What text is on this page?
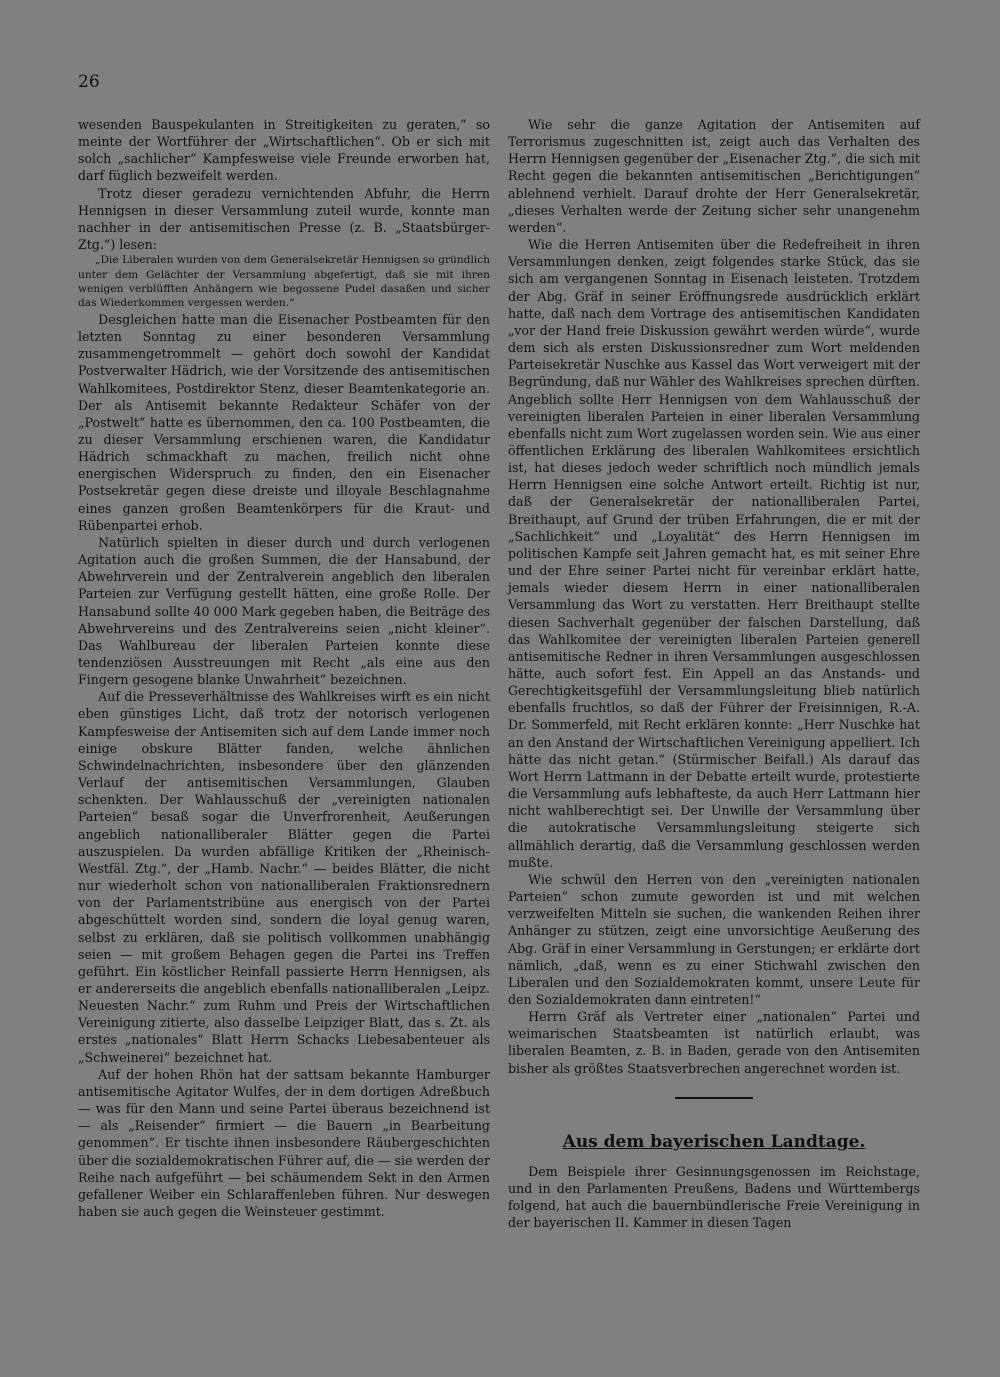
26

wesenden Bauspekulanten in Streitigkeiten zu geraten,“ so meinte der Wortführer der „Wirtschaftlichen“. Ob er sich mit solch „sachlicher“ Kampfesweise viele Freunde erworben hat, darf füglich bezweifelt werden.

Trotz dieser geradezu vernichtenden Abfuhr, die Herrn Hennigsen in dieser Versammlung zuteil wurde, konnte man nachher in der antisemitischen Presse (z. B. „Staatsbürger-Ztg.“) lesen:

„Die Liberalen wurden von dem Generalsekretär Hennigsen so gründlich unter dem Gelächter der Versammlung abgefertigt, daß sie mit ihren wenigen verblüfften Anhängern wie begossene Pudel dasaßen und sicher das Wiederkommen vergessen werden.“

Desgleichen hatte man die Eisenacher Postbeamten für den letzten Sonntag zu einer besonderen Versammlung zusammengetrommelt — gehört doch sowohl der Kandidat Postverwalter Hädrich, wie der Vorsitzende des antisemitischen Wahlkomitees, Postdirektor Stenz, dieser Beamtenkategorie an. Der als Antisemit bekannte Redakteur Schäfer von der „Postwelt“ hatte es übernommen, den ca. 100 Postbeamten, die zu dieser Versammlung erschienen waren, die Kandidatur Hädrich schmackhaft zu machen, freilich nicht ohne energischen Widerspruch zu finden, den ein Eisenacher Postsekretär gegen diese dreiste und illoyale Beschlagnahme eines ganzen großen Beamtenkörpers für die Kraut- und Rübenpartei erhob.

Natürlich spielten in dieser durch und durch verlogenen Agitation auch die großen Summen, die der Hansabund, der Abwehrverein und der Zentralverein angeblich den liberalen Parteien zur Verfügung gestellt hätten, eine große Rolle. Der Hansabund sollte 40 000 Mark gegeben haben, die Beiträge des Abwehrvereins und des Zentralvereins seien „nicht kleiner“. Das Wahlbureau der liberalen Parteien konnte diese tendenziösen Ausstreuungen mit Recht „als eine aus den Fingern gesogene blanke Unwahrheit“ bezeichnen.

Auf die Presseverhältnisse des Wahlkreises wirft es ein nicht eben günstiges Licht, daß trotz der notorisch verlogenen Kampfesweise der Antisemiten sich auf dem Lande immer noch einige obskure Blätter fanden, welche ähnlichen Schwindelnachrichten, insbesondere über den glänzenden Verlauf der antisemitischen Versammlungen, Glauben schenkten. Der Wahlausschuß der „vereinigten nationalen Parteien“ besaß sogar die Unverfrorenheit, Aeußerungen angeblich nationalliberaler Blätter gegen die Partei auszuspielen. Da wurden abfällige Kritiken der „Rheinisch-Westfäl. Ztg.“, der „Hamb. Nachr.“ — beides Blätter, die nicht nur wiederholt schon von nationalliberalen Fraktionsrednern von der Parlamentstribüne aus energisch von der Partei abgeschüttelt worden sind, sondern die loyal genug waren, selbst zu erklären, daß sie politisch vollkommen unabhängig seien — mit großem Behagen gegen die Partei ins Treffen geführt. Ein köstlicher Reinfall passierte Herrn Hennigsen, als er andererseits die angeblich ebenfalls nationalliberalen „Leipz. Neuesten Nachr.“ zum Ruhm und Preis der Wirtschaftlichen Vereinigung zitierte, also dasselbe Leipziger Blatt, das s. Zt. als erstes „nationales“ Blatt Herrn Schacks Liebesabenteuer als „Schweinerei“ bezeichnet hat.

Auf der hohen Rhön hat der sattsam bekannte Hamburger antisemitische Agitator Wulfes, der in dem dortigen Adreßbuch — was für den Mann und seine Partei überaus bezeichnend ist — als „Reisender“ firmiert — die Bauern „in Bearbeitung genommen“. Er tischte ihnen insbesondere Räubergeschichten über die sozialdemokratischen Führer auf, die — sie werden der Reihe nach aufgeführt — bei schäumendem Sekt in den Armen gefallener Weiber ein Schlaraffenleben führen. Nur deswegen haben sie auch gegen die Weinsteuer gestimmt.

Wie sehr die ganze Agitation der Antisemiten auf Terrorismus zugeschnitten ist, zeigt auch das Verhalten des Herrn Hennigsen gegenüber der „Eisenacher Ztg.“, die sich mit Recht gegen die bekannten antisemitischen „Berichtigungen“ ablehnend verhielt. Darauf drohte der Herr Generalsekretär, „dieses Verhalten werde der Zeitung sicher sehr unangenehm werden“.

Wie die Herren Antisemiten über die Redefreiheit in ihren Versammlungen denken, zeigt folgendes starke Stück, das sie sich am vergangenen Sonntag in Eisenach leisteten. Trotzdem der Abg. Gräf in seiner Eröffnungsrede ausdrücklich erklärt hatte, daß nach dem Vortrage des antisemitischen Kandidaten „vor der Hand freie Diskussion gewährt werden würde“, wurde dem sich als ersten Diskussionsredner zum Wort meldenden Parteisekretär Nuschke aus Kassel das Wort verweigert mit der Begründung, daß nur Wähler des Wahlkreises sprechen dürften. Angeblich sollte Herr Hennigsen von dem Wahlausschuß der vereinigten liberalen Parteien in einer liberalen Versammlung ebenfalls nicht zum Wort zugelassen worden sein. Wie aus einer öffentlichen Erklärung des liberalen Wahlkomitees ersichtlich ist, hat dieses jedoch weder schriftlich noch mündlich jemals Herrn Hennigsen eine solche Antwort erteilt. Richtig ist nur, daß der Generalsekretär der nationalliberalen Partei, Breithaupt, auf Grund der trüben Erfahrungen, die er mit der „Sachlichkeit“ und „Loyalität“ des Herrn Hennigsen im politischen Kampfe seit Jahren gemacht hat, es mit seiner Ehre und der Ehre seiner Partei nicht für vereinbar erklärt hatte, jemals wieder diesem Herrn in einer nationalliberalen Versammlung das Wort zu verstatten. Herr Breithaupt stellte diesen Sachverhalt gegenüber der falschen Darstellung, daß das Wahlkomitee der vereinigten liberalen Parteien generell antisemitische Redner in ihren Versammlungen ausgeschlossen hätte, auch sofort fest. Ein Appell an das Anstands- und Gerechtigkeitsgefühl der Versammlungsleitung blieb natürlich ebenfalls fruchtlos, so daß der Führer der Freisinnigen, R.-A. Dr. Sommerfeld, mit Recht erklären konnte: „Herr Nuschke hat an den Anstand der Wirtschaftlichen Vereinigung appelliert. Ich hätte das nicht getan.“ (Stürmischer Beifall.) Als darauf das Wort Herrn Lattmann in der Debatte erteilt wurde, protestierte die Versammlung aufs lebhafteste, da auch Herr Lattmann hier nicht wahlberechtigt sei. Der Unwille der Versammlung über die autokratische Versammlungsleitung steigerte sich allmählich derartig, daß die Versammlung geschlossen werden mußte.

Wie schwül den Herren von den „vereinigten nationalen Parteien“ schon zumute geworden ist und mit welchen verzweifelten Mitteln sie suchen, die wankenden Reihen ihrer Anhänger zu stützen, zeigt eine unvorsichtige Aeußerung des Abg. Gräf in einer Versammlung in Gerstungen; er erklärte dort nämlich, „daß, wenn es zu einer Stichwahl zwischen den Liberalen und den Sozialdemokraten kommt, unsere Leute für den Sozialdemokraten dann eintreten!“

Herrn Gräf als Vertreter einer „nationalen“ Partei und weimarischen Staatsbeamten ist natürlich erlaubt, was liberalen Beamten, z. B. in Baden, gerade von den Antisemiten bisher als größtes Staatsverbrechen angerechnet worden ist.

Aus dem bayerischen Landtage.

Dem Beispiele ihrer Gesinnungsgenossen im Reichstage, und in den Parlamenten Preußens, Badens und Württembergs folgend, hat auch die bauernbündlerische Freie Vereinigung in der bayerischen II. Kammer in diesen Tagen
